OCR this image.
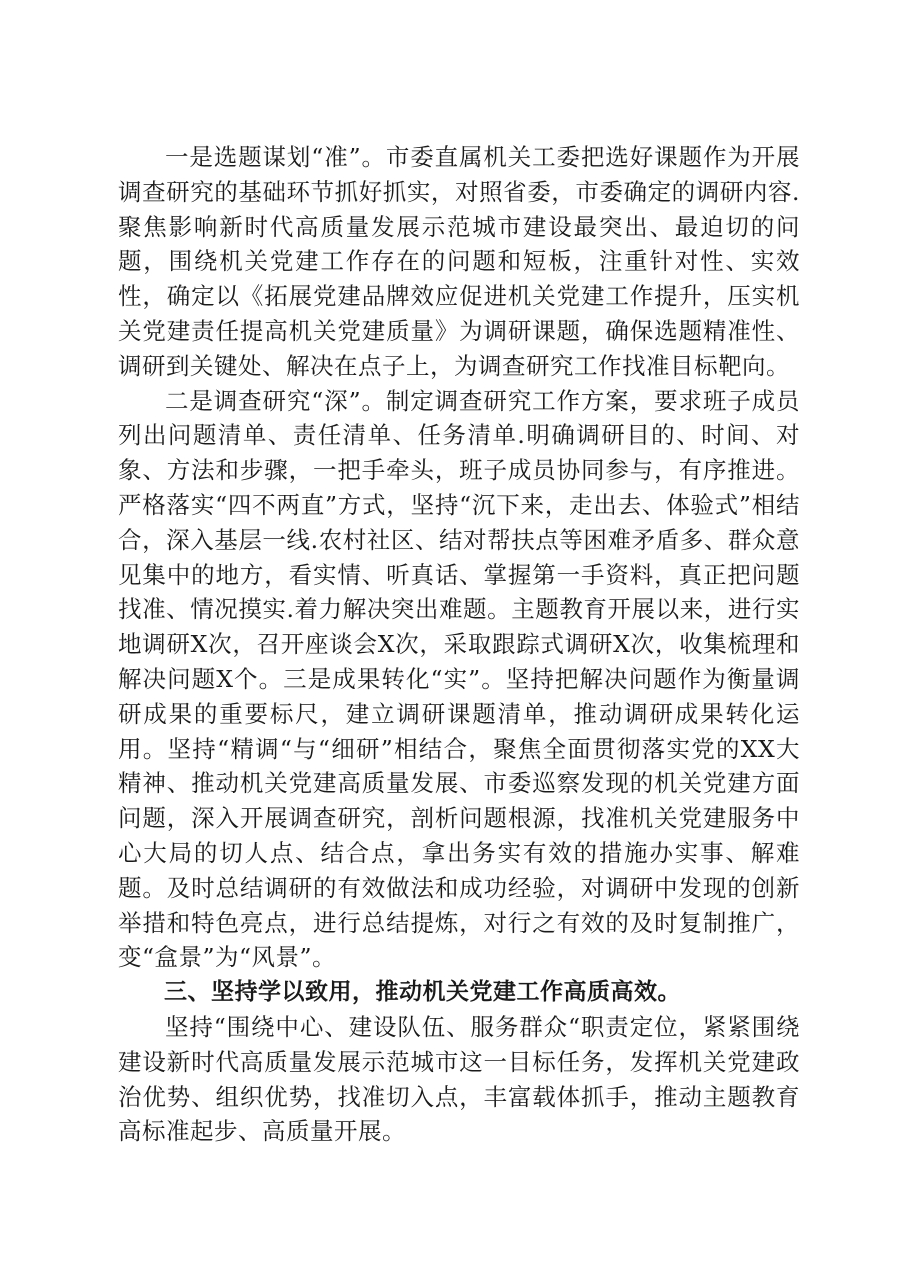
一是选题谋划“准”。市委直属机关工委把选好课题作为开展调查研究的基础环节抓好抓实，对照省委，市委确定的调研内容.聚焦影响新时代高质量发展示范城市建设最突出、最迫切的问题，围绕机关党建工作存在的问题和短板，注重针对性、实效性，确定以《拓展党建品牌效应促进机关党建工作提升，压实机关党建责任提高机关党建质量》为调研课题，确保选题精准性、调研到关键处、解决在点子上，为调查研究工作找准目标靶向。

二是调查研究“深”。制定调查研究工作方案，要求班子成员列出问题清单、责任清单、任务清单.明确调研目的、时间、对象、方法和步骤，一把手牵头，班子成员协同参与，有序推进。严格落实“四不两直”方式，坚持“沉下来，走出去、体验式”相结合，深入基层一线.农村社区、结对帮扶点等困难矛盾多、群众意见集中的地方，看实情、听真话、掌握第一手资料，真正把问题找准、情况摸实.着力解决突出难题。主题教育开展以来，进行实地调研X次，召开座谈会X次，采取跟踪式调研X次，收集梳理和解决问题X个。三是成果转化“实”。坚持把解决问题作为衡量调研成果的重要标尺，建立调研课题清单，推动调研成果转化运用。坚持“精调“与“细研”相结合，聚焦全面贯彻落实党的XX大精神、推动机关党建高质量发展、市委巡察发现的机关党建方面问题，深入开展调查研究，剖析问题根源，找准机关党建服务中心大局的切人点、结合点，拿出务实有效的措施办实事、解难题。及时总结调研的有效做法和成功经验，对调研中发现的创新举措和特色亮点，进行总结提炼，对行之有效的及时复制推广，变“盒景”为“风景”。

三、坚持学以致用，推动机关党建工作高质高效。

坚持“围绕中心、建设队伍、服务群众“职责定位，紧紧围绕建设新时代高质量发展示范城市这一目标任务，发挥机关党建政治优势、组织优势，找准切入点，丰富载体抓手，推动主题教育高标准起步、高质量开展。
